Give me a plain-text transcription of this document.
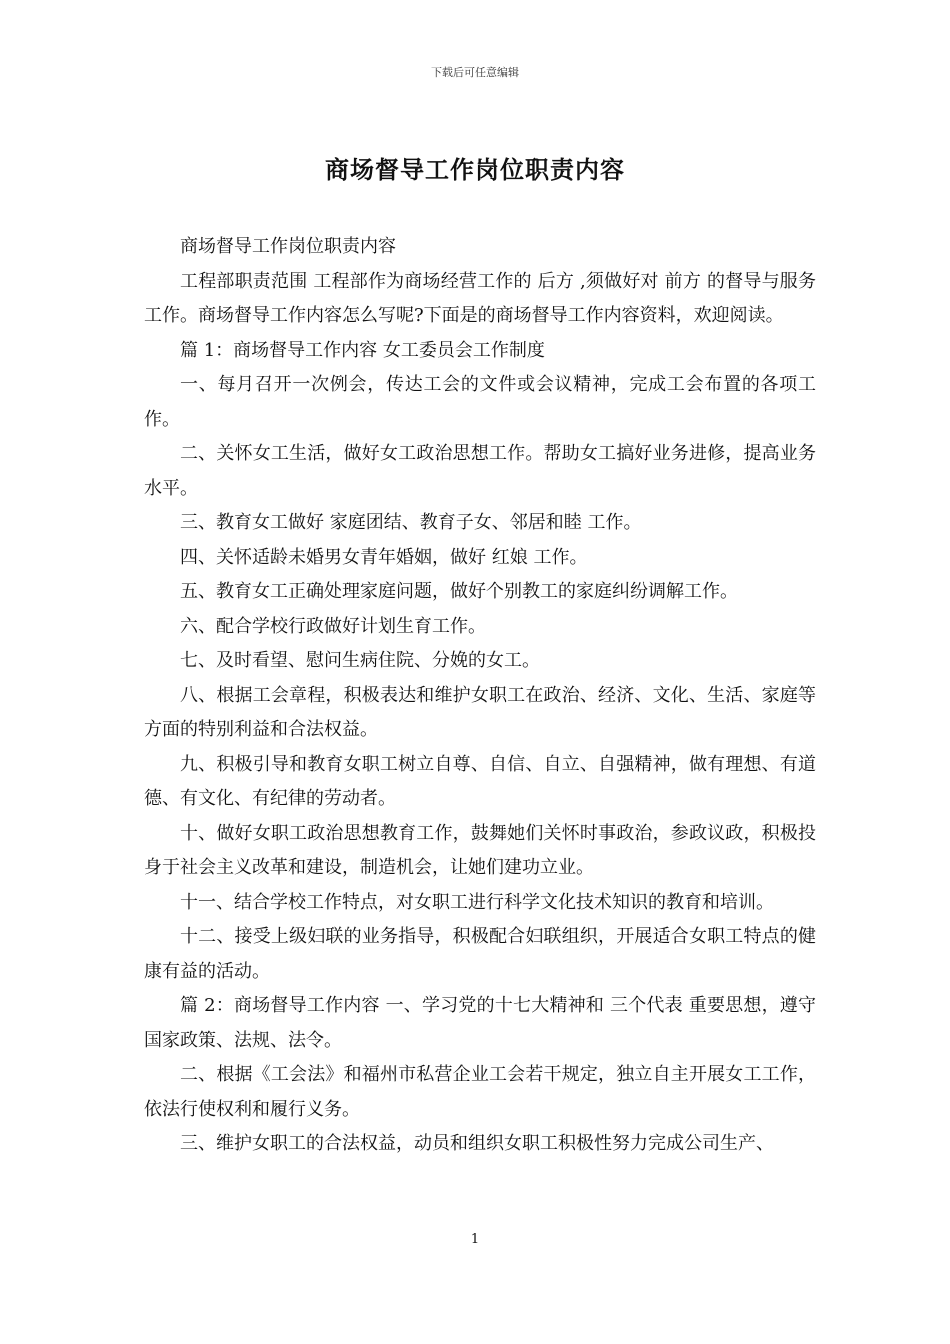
下载后可任意编辑
商场督导工作岗位职责内容

商场督导工作岗位职责内容

工程部职责范围 工程部作为商场经营工作的 后方 ,须做好对 前方 的督导与服务工作。商场督导工作内容怎么写呢?下面是的商场督导工作内容资料，欢迎阅读。

篇 1：商场督导工作内容 女工委员会工作制度

一、每月召开一次例会，传达工会的文件或会议精神，完成工会布置的各项工作。

二、关怀女工生活，做好女工政治思想工作。帮助女工搞好业务进修，提高业务水平。

三、教育女工做好 家庭团结、教育子女、邻居和睦 工作。

四、关怀适龄未婚男女青年婚姻，做好 红娘 工作。

五、教育女工正确处理家庭问题，做好个别教工的家庭纠纷调解工作。

六、配合学校行政做好计划生育工作。

七、及时看望、慰问生病住院、分娩的女工。

八、根据工会章程，积极表达和维护女职工在政治、经济、文化、生活、家庭等方面的特别利益和合法权益。

九、积极引导和教育女职工树立自尊、自信、自立、自强精神，做有理想、有道德、有文化、有纪律的劳动者。

十、做好女职工政治思想教育工作，鼓舞她们关怀时事政治，参政议政，积极投身于社会主义改革和建设，制造机会，让她们建功立业。

十一、结合学校工作特点，对女职工进行科学文化技术知识的教育和培训。

十二、接受上级妇联的业务指导，积极配合妇联组织，开展适合女职工特点的健康有益的活动。

篇 2：商场督导工作内容 一、学习党的十七大精神和 三个代表 重要思想，遵守国家政策、法规、法令。

二、根据《工会法》和福州市私营企业工会若干规定，独立自主开展女工工作，依法行使权利和履行义务。

三、维护女职工的合法权益，动员和组织女职工积极性努力完成公司生产、

1
